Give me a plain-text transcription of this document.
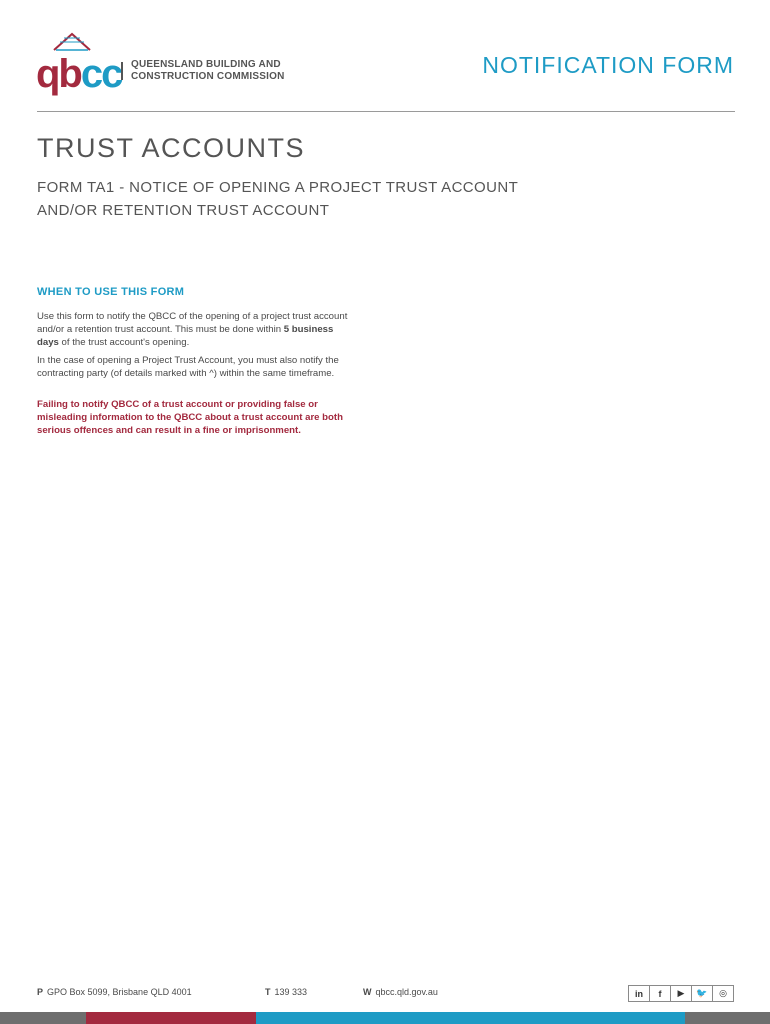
qbcc QUEENSLAND BUILDING AND
CONSTRUCTION COMMISSION	NOTIFICATION FORM
TRUST ACCOUNTS
FORM TA1 - NOTICE OF OPENING A PROJECT TRUST ACCOUNT
AND/OR RETENTION TRUST ACCOUNT
WHEN TO USE THIS FORM

Use this form to notify the QBCC of the opening of a project trust account and/or a retention trust account. This must be done within 5 business days of the trust account's opening.

In the case of opening a Project Trust Account, you must also notify the contracting party (of details marked with ^) within the same timeframe.

Failing to notify QBCC of a trust account or providing false or misleading information to the QBCC about a trust account are both serious offences and can result in a fine or imprisonment.

P GPO Box 5099, Brisbane QLD 4001	T 139 333	W qbcc.qld.gov.au	in	f	▶	🐦	◎
